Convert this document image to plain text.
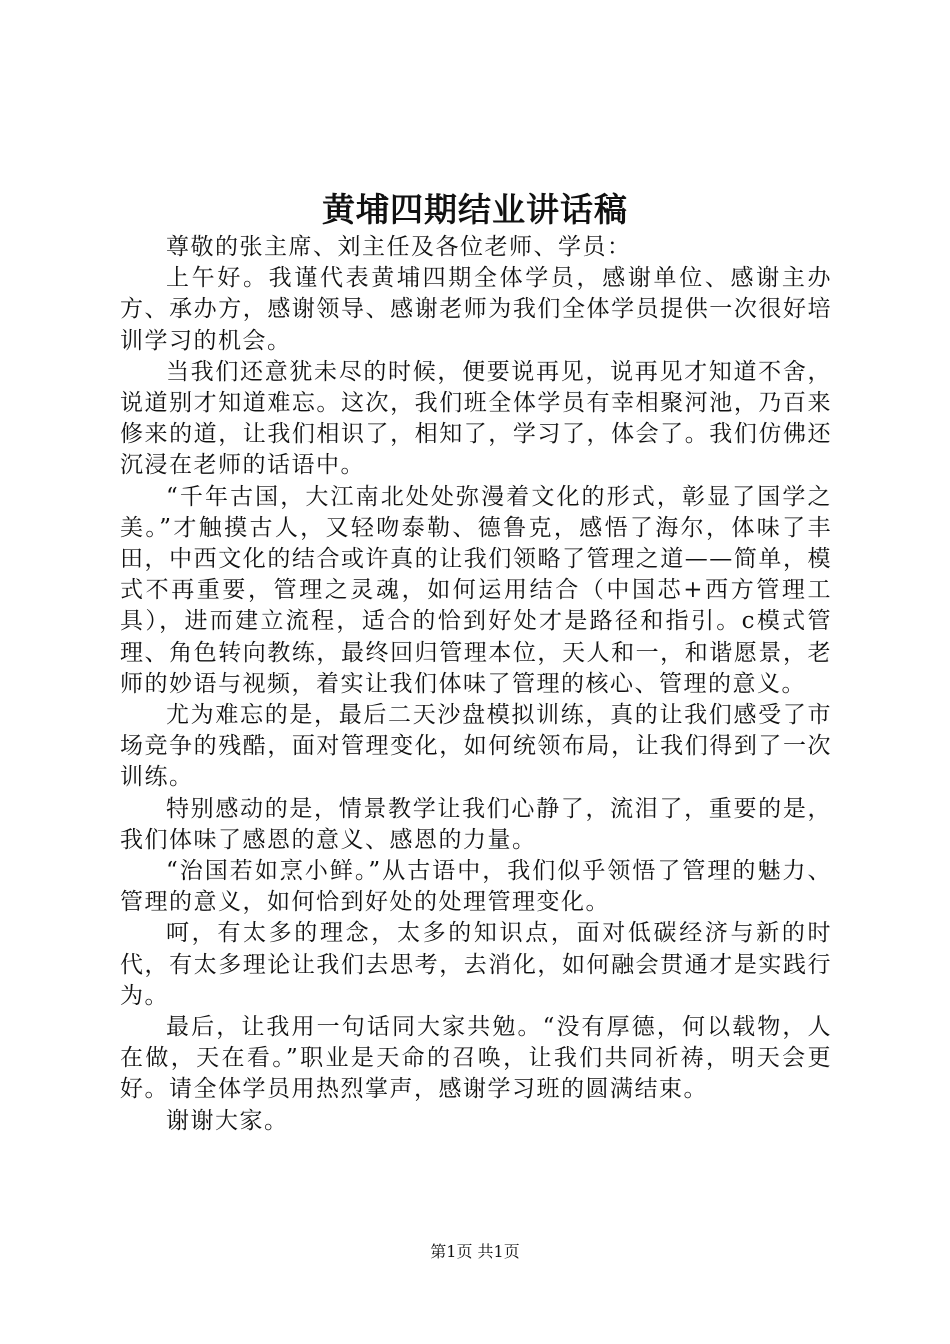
黄埔四期结业讲话稿

尊敬的张主席、刘主任及各位老师、学员：

上午好。我谨代表黄埔四期全体学员，感谢单位、感谢主办方、承办方，感谢领导、感谢老师为我们全体学员提供一次很好培训学习的机会。

当我们还意犹未尽的时候，便要说再见，说再见才知道不舍，说道别才知道难忘。这次，我们班全体学员有幸相聚河池，乃百来修来的道，让我们相识了，相知了，学习了，体会了。我们仿佛还沉浸在老师的话语中。

“千年古国，大江南北处处弥漫着文化的形式，彰显了国学之美。”才触摸古人，又轻吻泰勒、德鲁克，感悟了海尔，体味了丰田，中西文化的结合或许真的让我们领略了管理之道——简单，模式不再重要，管理之灵魂，如何运用结合（中国芯+西方管理工具），进而建立流程，适合的恰到好处才是路径和指引。c模式管理、角色转向教练，最终回归管理本位，天人和一，和谐愿景，老师的妙语与视频，着实让我们体味了管理的核心、管理的意义。

尤为难忘的是，最后二天沙盘模拟训练，真的让我们感受了市场竞争的残酷，面对管理变化，如何统领布局，让我们得到了一次训练。

特别感动的是，情景教学让我们心静了，流泪了，重要的是，我们体味了感恩的意义、感恩的力量。

“治国若如烹小鲜。”从古语中，我们似乎领悟了管理的魅力、管理的意义，如何恰到好处的处理管理变化。

呵，有太多的理念，太多的知识点，面对低碳经济与新的时代，有太多理论让我们去思考，去消化，如何融会贯通才是实践行为。

最后，让我用一句话同大家共勉。“没有厚德，何以载物，人在做，天在看。”职业是天命的召唤，让我们共同祈祷，明天会更好。请全体学员用热烈掌声，感谢学习班的圆满结束。

谢谢大家。

第1页 共1页
